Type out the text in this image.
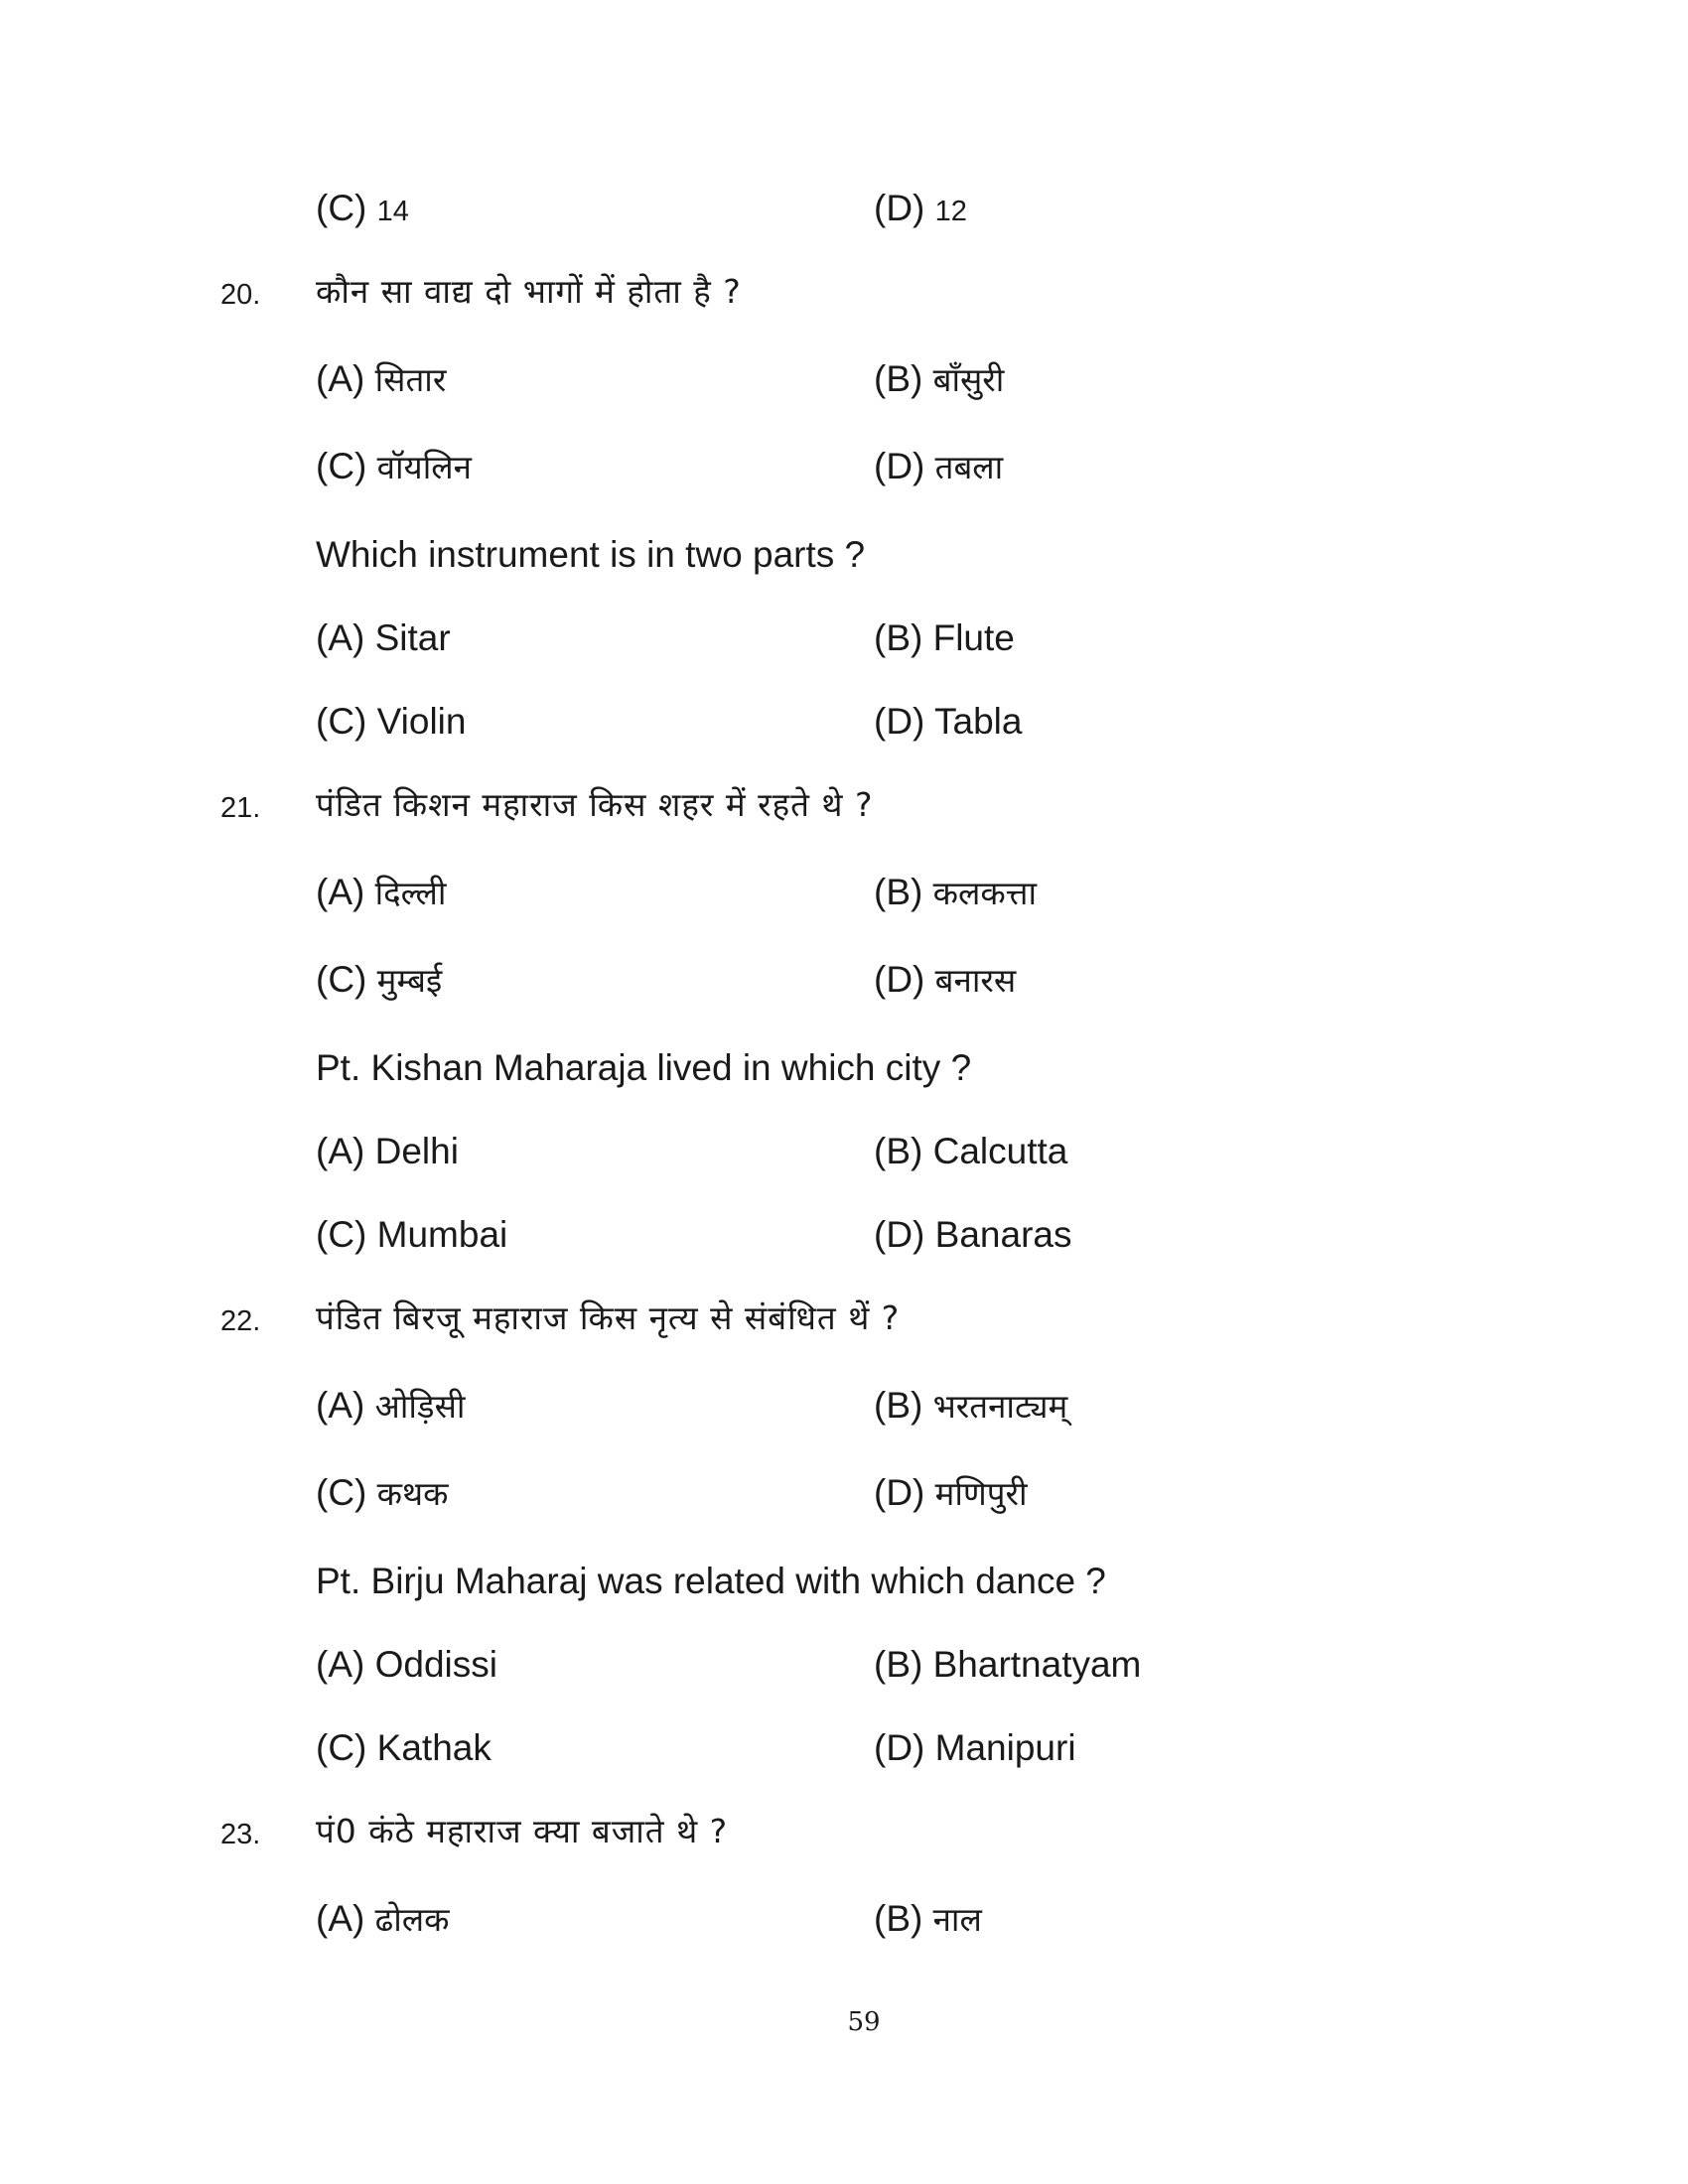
(C) 14	(D) 12
20.	कौन सा वाद्य दो भागों में होता है ?
(A) सितार	(B) बाँसुरी
(C) वॉयलिन	(D) तबला
Which instrument is in two parts ?
(A) Sitar	(B) Flute
(C) Violin	(D) Tabla
21.	पंडित किशन महाराज किस शहर में रहते थे ?
(A) दिल्ली	(B) कलकत्ता
(C) मुम्बई	(D) बनारस
Pt. Kishan Maharaja lived in which city ?
(A) Delhi	(B) Calcutta
(C) Mumbai	(D) Banaras
22.	पंडित बिरजू महाराज किस नृत्य से संबंधित थें ?
(A) ओड़िसी	(B) भरतनाट्यम्
(C) कथक	(D) मणिपुरी
Pt. Birju Maharaj was related with which dance ?
(A) Oddissi	(B) Bhartnatyam
(C) Kathak	(D) Manipuri
23.	पं0 कंठे महाराज क्या बजाते थे ?
(A) ढोलक	(B) नाल
59
